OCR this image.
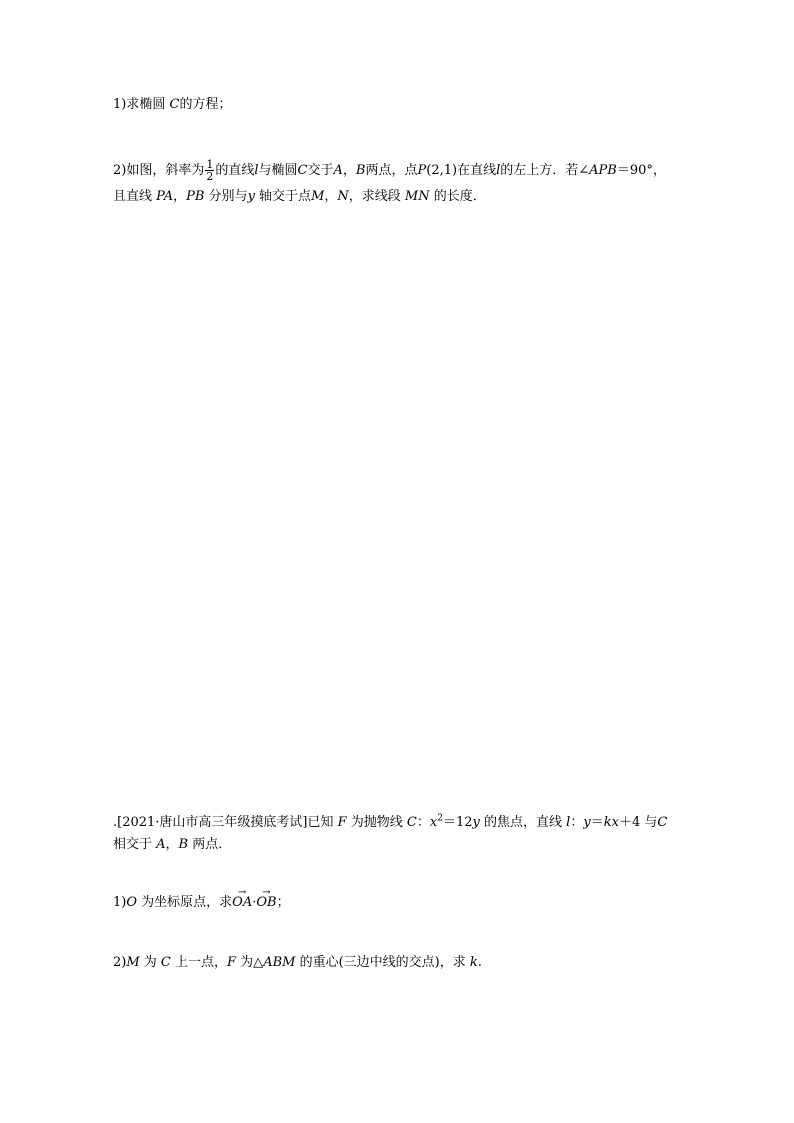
1)求椭圆 C的方程；
2)如图，斜率为 $\frac{1}{2}$ 的直线l与椭圆C交于A，B两点，点P(2,1)在直线l的左上方．若∠APB＝90°，
且直线 PA，PB 分别与y 轴交于点M，N，求线段 MN 的长度．
.[2021·唐山市高三年级摸底考试]已知 F 为抛物线 C：$x^2=12y$ 的焦点，直线 l：y＝kx＋4 与C
相交于 A，B 两点．
1)O 为坐标原点，求→ OA·→ OB；
2)M 为 C 上一点，F 为△ABM 的重心(三边中线的交点)，求 k.
